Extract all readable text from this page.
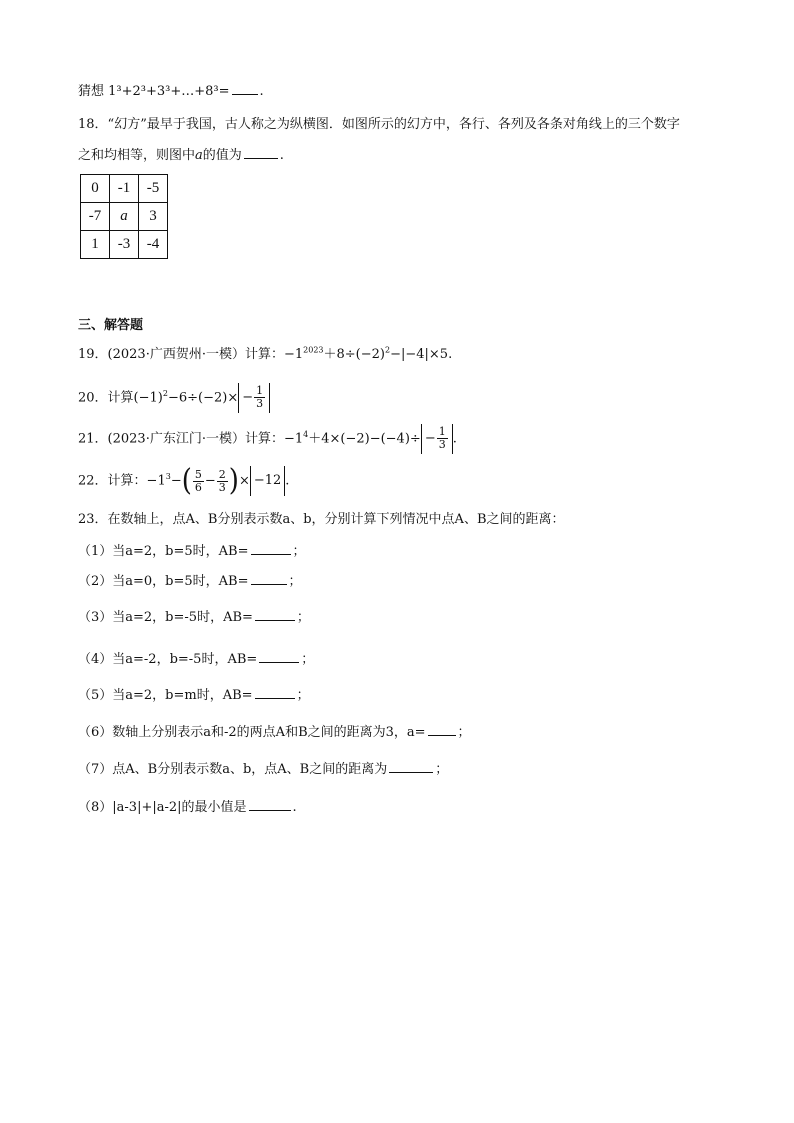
猜想 1³+2³+3³+…+8³= .
18．“幻方”最早于我国，古人称之为纵横图．如图所示的幻方中，各行、各列及各条对角线上的三个数字
之和均相等，则图中a的值为	.
0	-1	-5
-7	a	3
1	-3	-4
三、解答题
19．(2023·广西贺州·一模）计算：$-1^{2023}+8\div(-2)^2-|-4|\times 5$.
20．计算$(-1)^2-6\div(-2)\times - \frac{1}{3}$
21．(2023·广东江门·一模）计算：$-1^4+4\times(-2)-(-4)\div - \frac{1}{3}$ .
22．计算：$-1^3-( \frac{5}{6} - \frac{2}{3}$ )× −12 .
23．在数轴上，点A、B分别表示数a、b，分别计算下列情况中点A、B之间的距离：
（1）当a=2，b=5时，AB=	；
（2）当a=0，b=5时，AB=	；
（3）当a=2，b=-5时，AB=	；
（4）当a=-2，b=-5时，AB=	；
（5）当a=2，b=m时，AB=	；
（6）数轴上分别表示a和-2的两点A和B之间的距离为3，a= ；
（7）点A、B分别表示数a、b，点A、B之间的距离为	；
（8）|a-3|+|a-2|的最小值是	.
